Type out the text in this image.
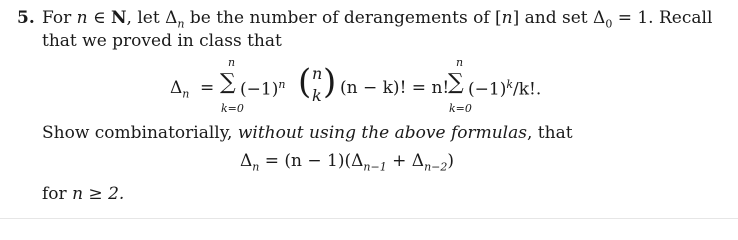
5. For n ∈ N, let $\Delta_n$ be the number of derangements of [n] and set $\Delta_0 = 1$. Recall
that we proved in class that
$\Delta_n$ =
n
∑
k=0
$(-1)^n$ ( n
k ) (n − k)! = n!
n
∑
k=0
$(-1)^k/k$!.
Show combinatorially, without using the above formulas, that
$\Delta_n = (n - 1)(\Delta_{n-1} + \Delta_{n-2})$
for n ≥ 2.
